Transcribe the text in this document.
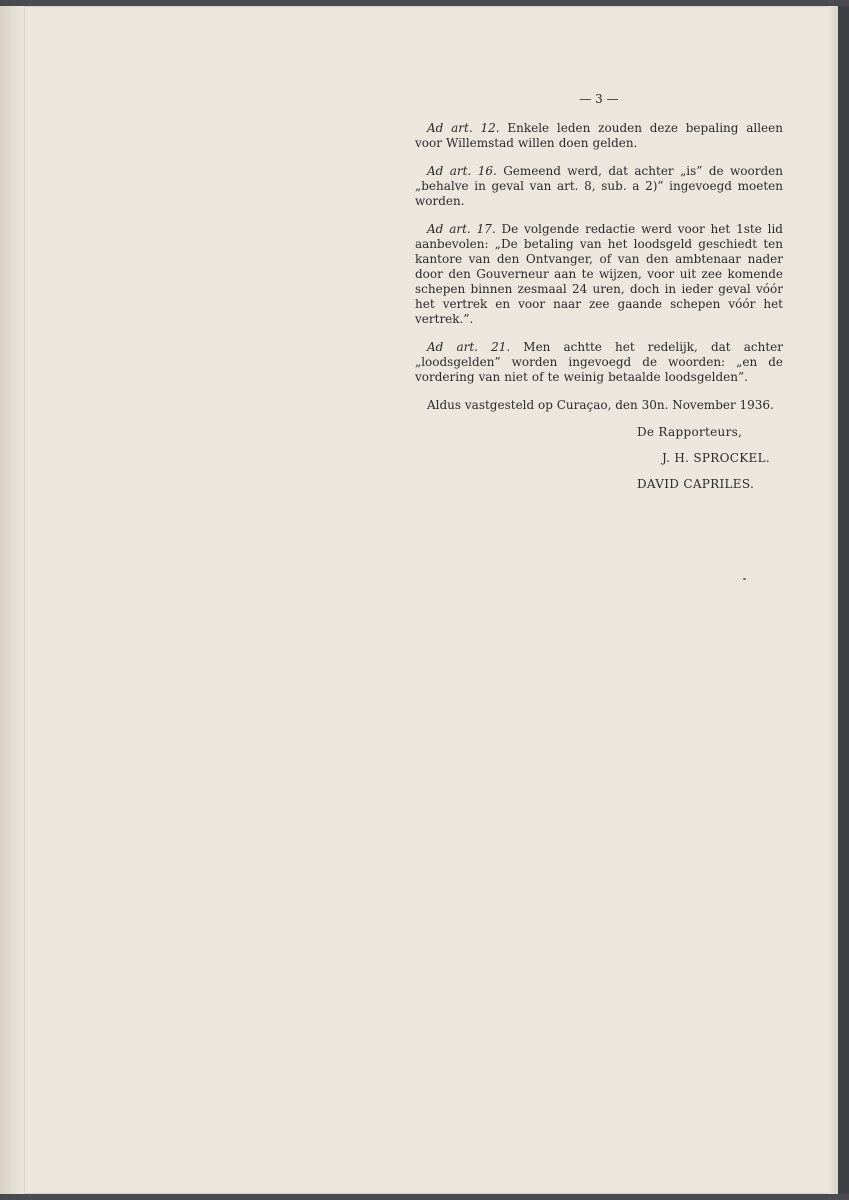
— 3 —

Ad art. 12. Enkele leden zouden deze bepaling alleen voor Willemstad willen doen gelden.

Ad art. 16. Gemeend werd, dat achter „is” de woorden „behalve in geval van art. 8, sub. a 2)” ingevoegd moeten worden.

Ad art. 17. De volgende redactie werd voor het 1ste lid aanbevolen: „De betaling van het loodsgeld geschiedt ten kantore van den Ontvanger, of van den ambtenaar nader door den Gouverneur aan te wijzen, voor uit zee komende schepen binnen zesmaal 24 uren, doch in ieder geval vóór het vertrek en voor naar zee gaande schepen vóór het vertrek.”.

Ad art. 21. Men achtte het redelijk, dat achter „loodsgelden” worden ingevoegd de woorden: „en de vordering van niet of te weinig betaalde loodsgelden”.

Aldus vastgesteld op Curaçao, den 30n. November 1936.
De Rapporteurs,
J. H. SPROCKEL.
DAVID CAPRILES.
